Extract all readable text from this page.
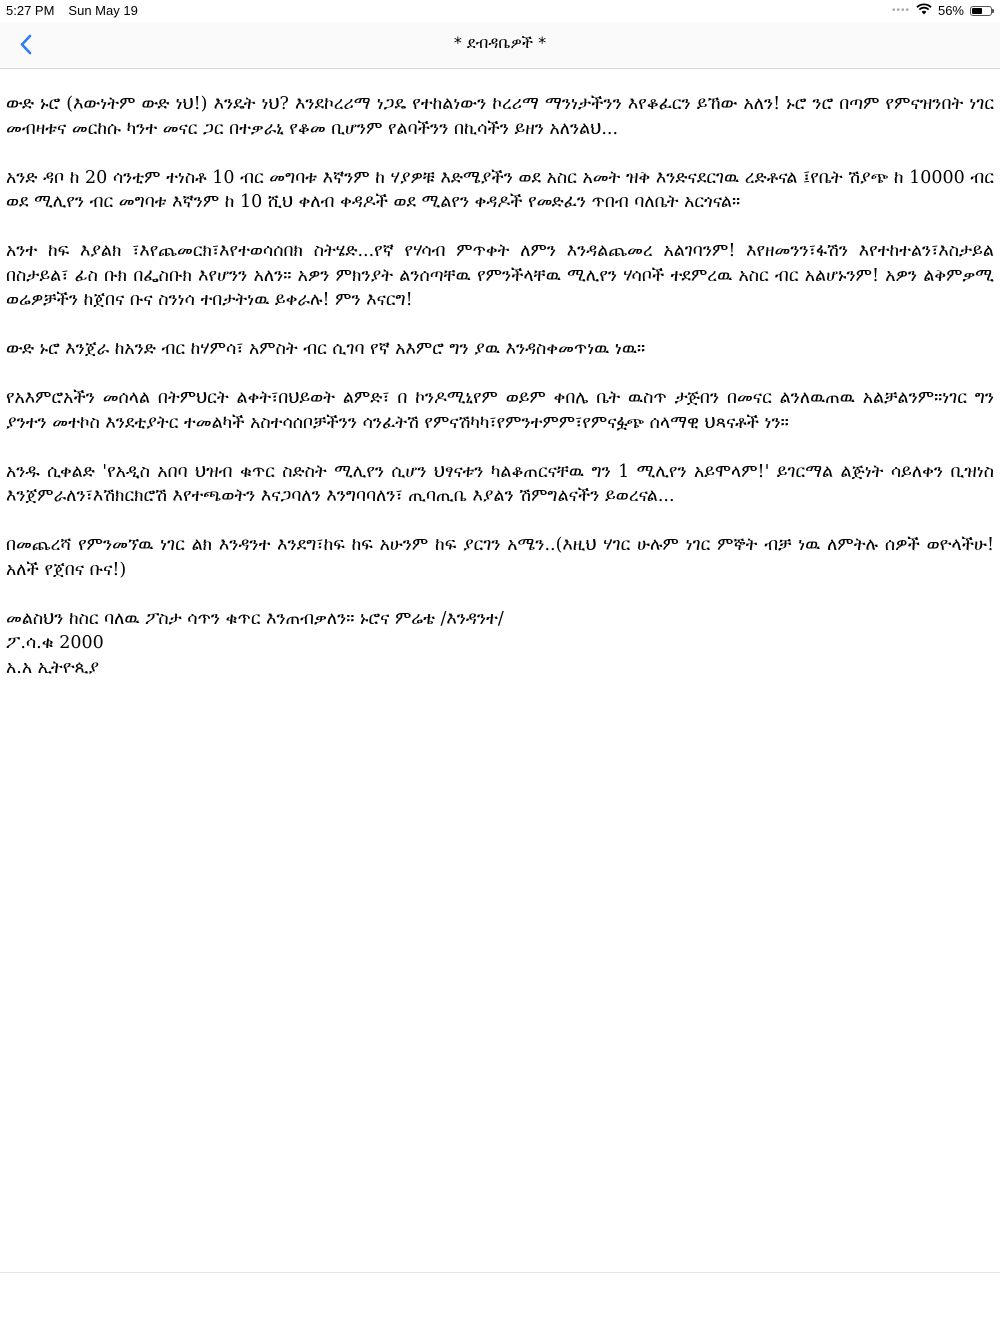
5:27 PM Sun May 19	•••• 56%
* ደብዳቤዎች *

ውድ ኑሮ (እውነትም ውድ ነህ!) እንዴት ነህ? እንደኮረሪማ ነጋዴ የተከልነውን ኮረሪማ ማንነታችንን እየቆፈርን ይኸው አለን! ኑሮ ንሮ በጣም የምናዝንበት ነገር መብዛቱና መርከሱ ካንተ መናር ጋር በተቃራኒ የቆመ ቢሆንም የልባችንን በኪሳችን ይዘን አለንልህ...

አንድ ዳቦ ከ 20 ሳንቲም ተነስቶ 10 ብር መግባቱ እኛንም ከ ሃያዎቹ እድሜያችን ወደ አስር አመት ዝቅ እንድናደርገዉ ረድቶናል ፤የቤት ሽያጭ ከ 10000 ብር ወደ ሚሊየን ብር መግባቱ እኛንም ከ 10 ሺህ ቀለብ ቀዳዶች ወደ ሚልየን ቀዳዶች የመድፈን ጥበብ ባለቤት አርጎናል።

አንተ ከፍ እያልክ ፣እየጨመርክ፣እየተወሳሰበክ ስትሄድ...የኛ የሃሳብ ምጥቀት ለምን እንዳልጨመረ አልገባንም! እየዘመንን፣ፋሽን እየተከተልን፣እስታይል በስታይል፣ ፊስ ቡክ በፌስቡክ እየሆንን አለን። አዎን ምክንያት ልንሰጣቸዉ የምንችላቸዉ ሚሊየን ሃሳቦች ተደምረዉ አስር ብር አልሆኑንም! አዎን ልቅምቃሚ ወሬዎቻችን ከጀበና ቡና ስንነሳ ተበታትነዉ ይቀራሉ! ምን እናርግ!

ውድ ኑሮ እንጀራ ከአንድ ብር ከሃምሳ፣ አምስት ብር ሲገባ የኛ አእምሮ ግን ያዉ እንዳስቀመጥነዉ ነዉ።

የአእምሮአችን መሰላል በትምህርት ልቀት፣በህይወት ልምድ፣ በ ኮንዶሚኒየም ወይም ቀበሌ ቤት ዉስጥ ታጅበን በመናር ልንለዉጠዉ አልቻልንም።ነገር ግን ያንተን መተኮስ እንደቲያትር ተመልካች አስተሳሰቦቻችንን ሳንፈትሽ የምናሽካካ፣የምንተምም፣የምናፏጭ ሰላማዊ ህጻናቶች ነን።

አንዱ ሲቀልድ 'የአዲስ አበባ ህዝብ ቁጥር ስድስት ሚሊየን ሲሆን ህፃናቱን ካልቆጠርናቸዉ ግን 1 ሚሊየን አይሞላም!' ይገርማል ልጅነት ሳይለቀን ቢዝነስ እንጀምራለን፣እሽክርክሮሽ እየተጫወትን እናጋባለን እንግባባለን፣ ጢባጢቤ እያልን ሽምግልናችን ይወረናል...

በመጨረሻ የምንመኘዉ ነገር ልክ እንዳንተ እንደግ፣ከፍ ከፍ አሁንም ከፍ ያርገን አሜን..(እዚህ ሃገር ሁሉም ነገር ምኞት ብቻ ነዉ ለምትሉ ሰዎች ወዮላችሁ! አለች የጀበና ቡና!)

መልስህን ከስር ባለዉ ፖስታ ሳጥን ቁጥር እንጠብቃለን። ኑሮና ምሬቴ /እንዳንተ/

ፖ.ሳ.ቁ 2000

አ.አ ኢትዮጲያ
